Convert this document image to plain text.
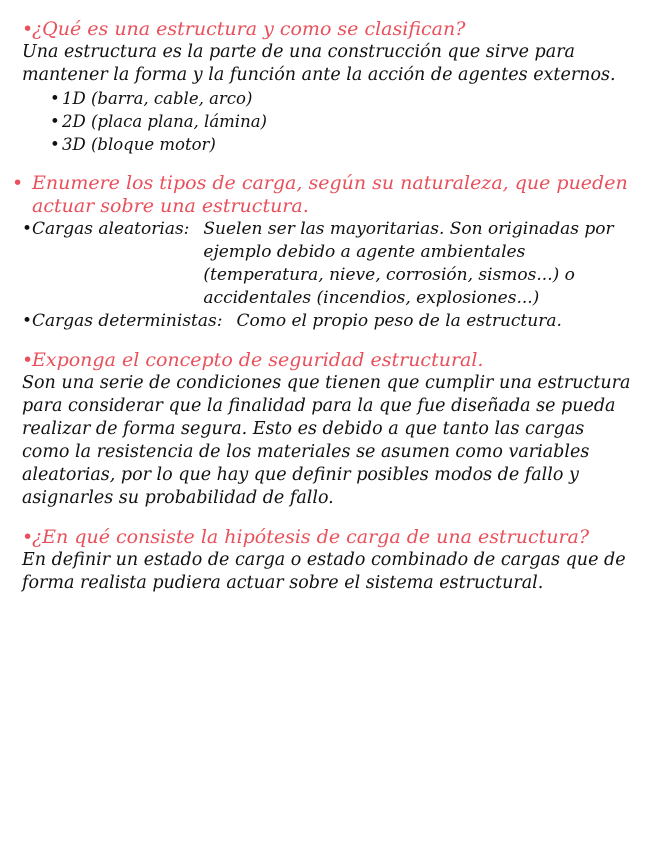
•¿Qué es una estructura y como se clasifican?

Una estructura es la parte de una construcción que sirve para mantener la forma y la función ante la acción de agentes externos.

• 1D (barra, cable, arco)
• 2D (placa plana, lámina)
• 3D (bloque motor)

• Enumere los tipos de carga, según su naturaleza, que pueden actuar sobre una estructura.

• Cargas aleatorias: Suelen ser las mayoritarias. Son originadas por ejemplo debido a agente ambientales (temperatura, nieve, corrosión, sismos...) o accidentales (incendios, explosiones...)
• Cargas deterministas: Como el propio peso de la estructura.

•Exponga el concepto de seguridad estructural.

Son una serie de condiciones que tienen que cumplir una estructura para considerar que la finalidad para la que fue diseñada se pueda realizar de forma segura. Esto es debido a que tanto las cargas como la resistencia de los materiales se asumen como variables aleatorias, por lo que hay que definir posibles modos de fallo y asignarles su probabilidad de fallo.

•¿En qué consiste la hipótesis de carga de una estructura?

En definir un estado de carga o estado combinado de cargas que de forma realista pudiera actuar sobre el sistema estructural.
